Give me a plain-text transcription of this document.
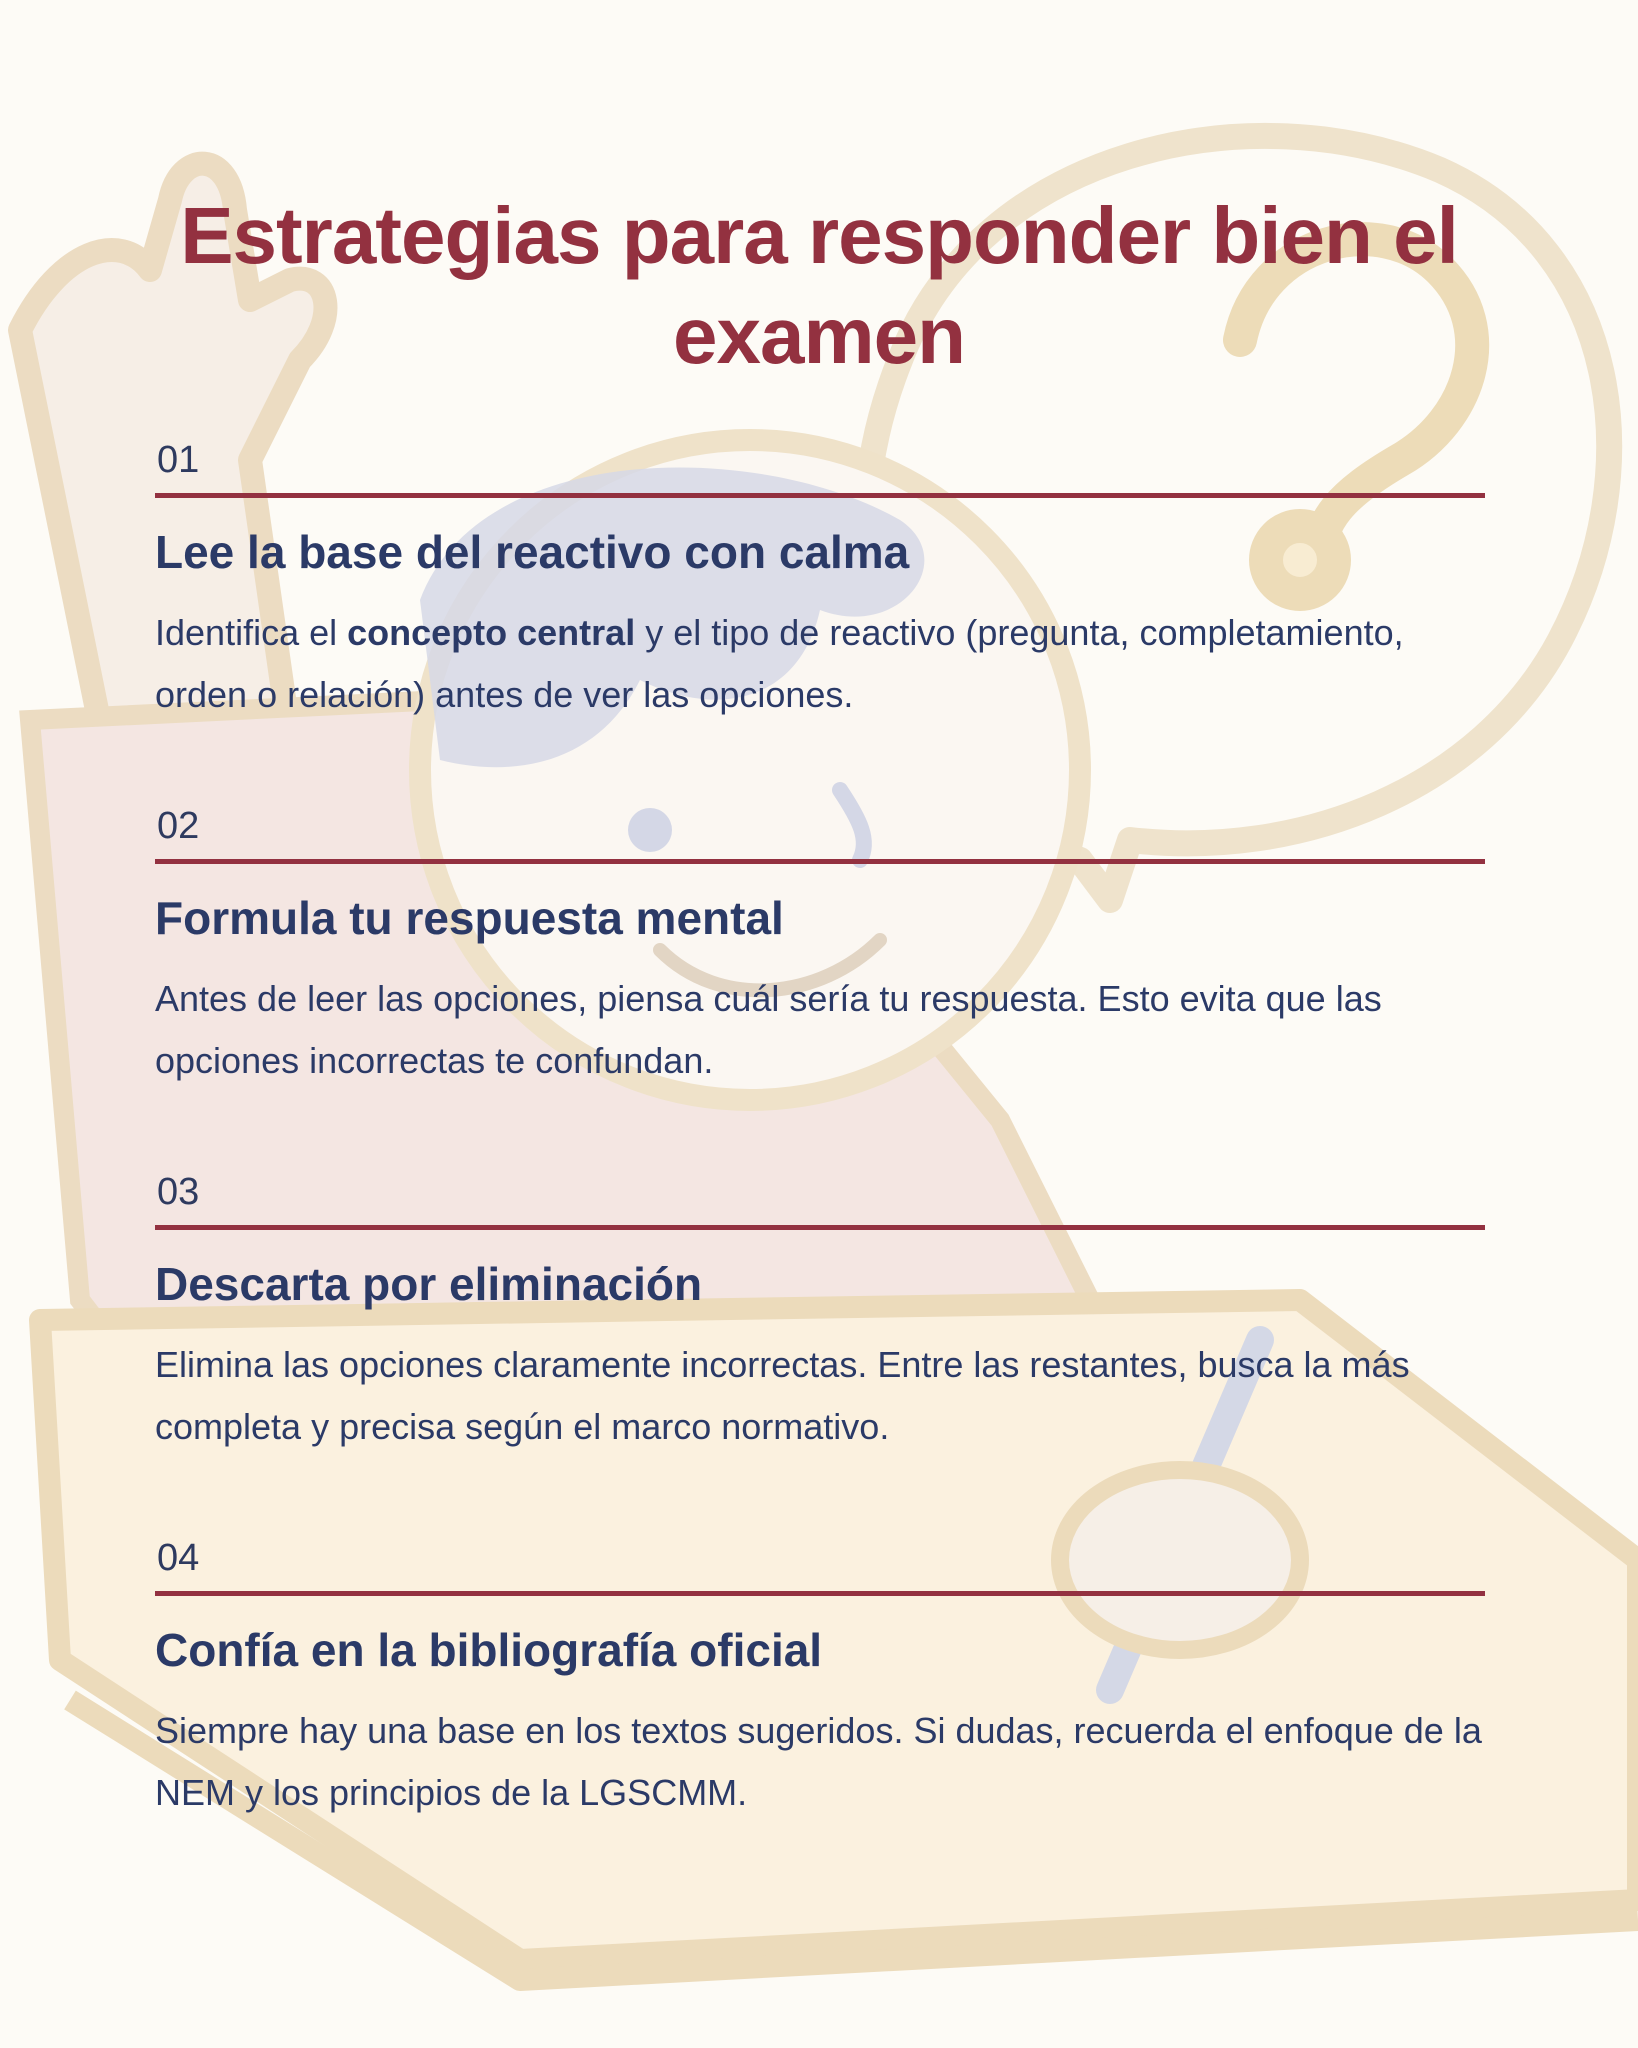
Estrategias para responder bien el examen
01
Lee la base del reactivo con calma

Identifica el concepto central y el tipo de reactivo (pregunta, completamiento, orden o relación) antes de ver las opciones.

02
Formula tu respuesta mental

Antes de leer las opciones, piensa cuál sería tu respuesta. Esto evita que las opciones incorrectas te confundan.

03
Descarta por eliminación

Elimina las opciones claramente incorrectas. Entre las restantes, busca la más completa y precisa según el marco normativo.

04
Confía en la bibliografía oficial

Siempre hay una base en los textos sugeridos. Si dudas, recuerda el enfoque de la NEM y los principios de la LGSCMM.
